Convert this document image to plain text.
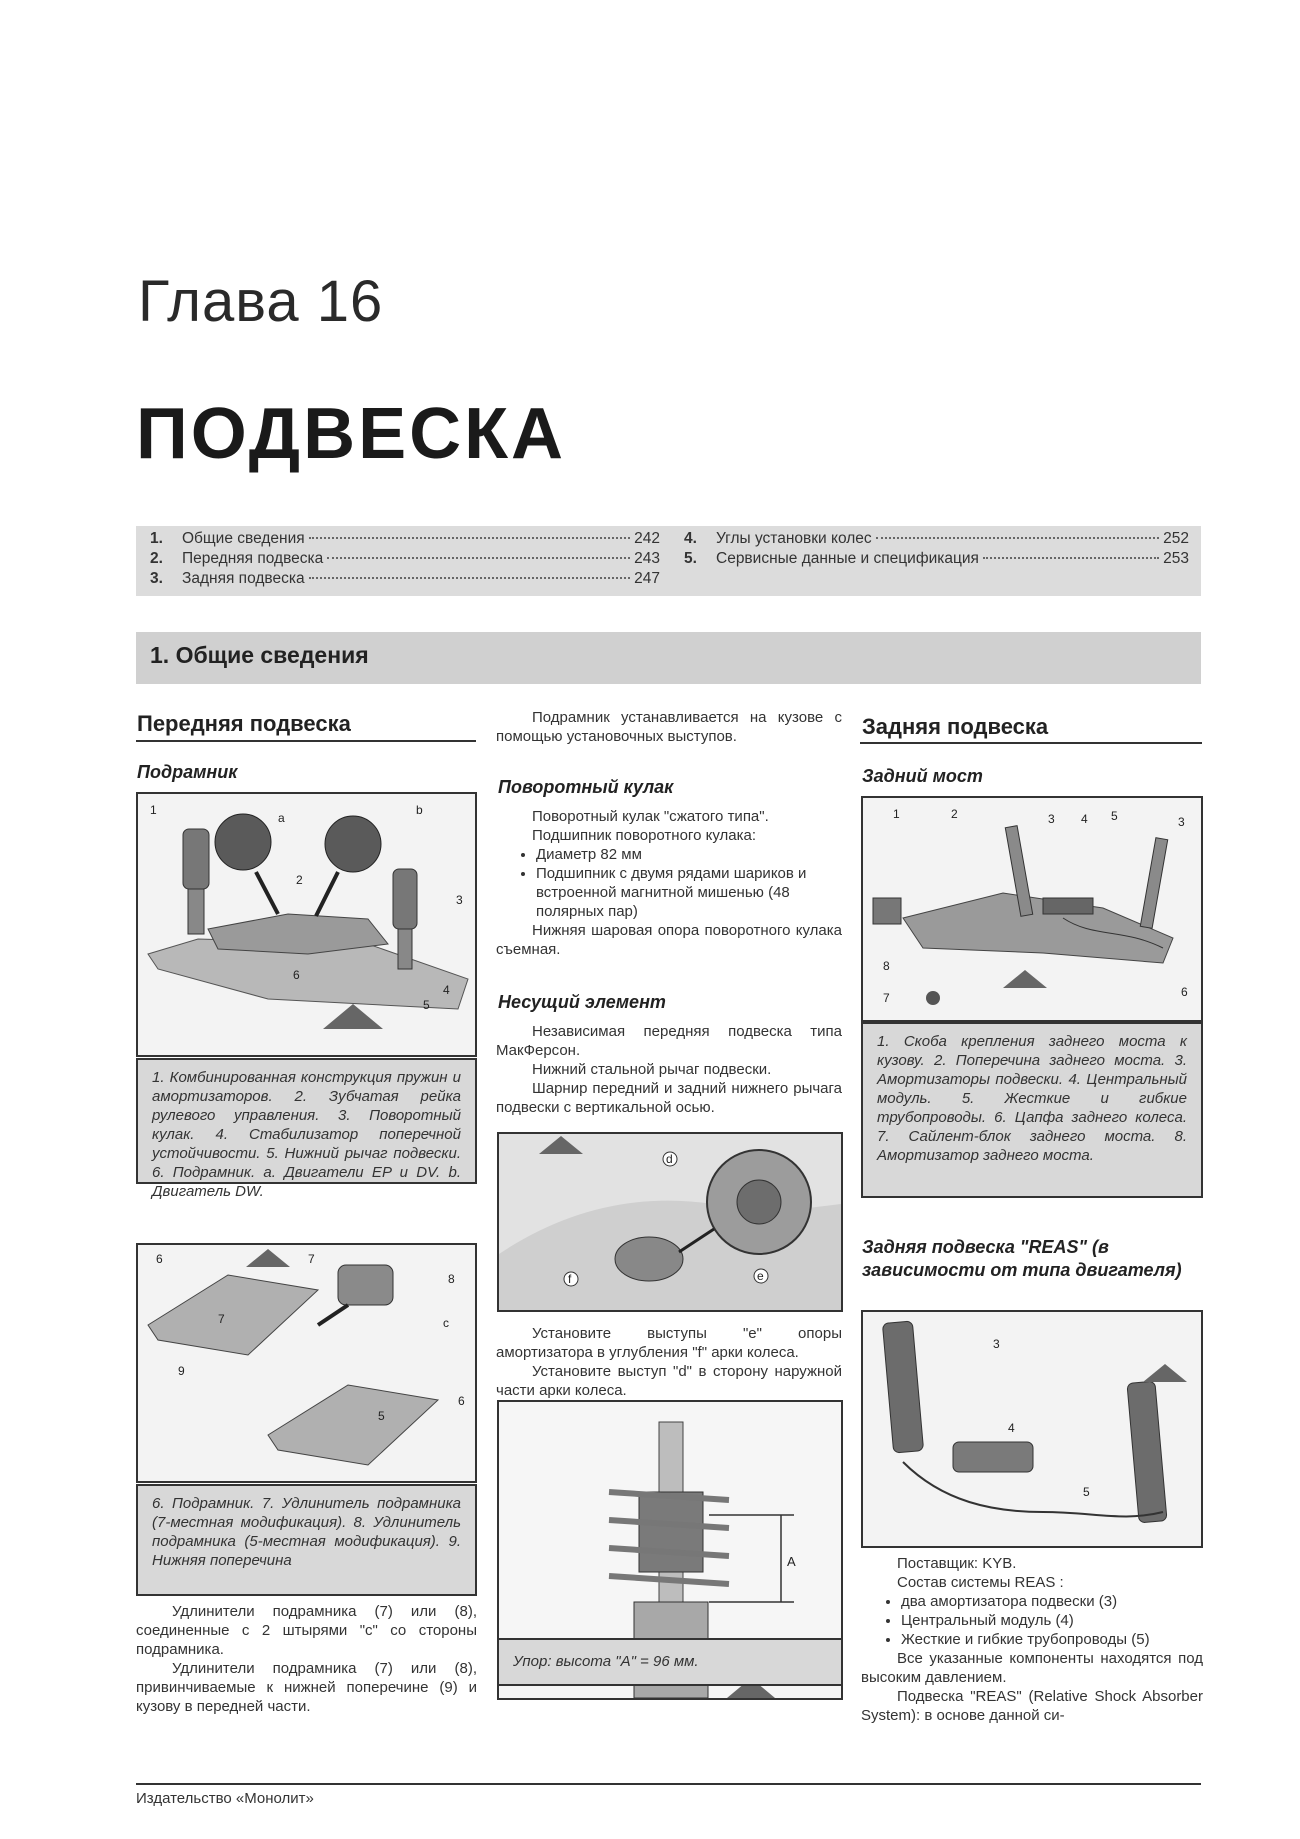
Глава 16
ПОДВЕСКА
1.	Общие сведения	242
2.	Передняя подвеска	243
3.	Задняя подвеска	247
4.	Углы установки колес	252
5.	Сервисные данные и спецификация	253
1. Общие сведения
Передняя подвеска
Подрамник
1
a
b
2
3
4
5
6
1. Комбинированная конструкция пружин и амортизаторов. 2. Зубчатая рейка рулевого управления. 3. Поворотный кулак. 4. Стабилизатор поперечной устойчивости. 5. Нижний рычаг подвески. 6. Подрамник. a. Двигатели EP и DV. b. Двигатель DW.
6	7
7
8
c
9
5
6
6. Подрамник. 7. Удлинитель подрамника (7-местная модификация). 8. Удлинитель подрамника (5-местная модификация). 9. Нижняя поперечина

Удлинители подрамника (7) или (8), соединенные с 2 штырями "c" со стороны подрамника.

Удлинители подрамника (7) или (8), привинчиваемые к нижней поперечине (9) и кузову в передней части.

Подрамник устанавливается на кузове с помощью установочных выступов.

Поворотный кулак

Поворотный кулак "сжатого типа".

Подшипник поворотного кулака:

• Диаметр 82 мм
• Подшипник с двумя рядами шариков и встроенной магнитной мишенью (48 полярных пар)

Нижняя шаровая опора поворотного кулака съемная.

Несущий элемент

Независимая передняя подвеска типа МакФерсон.

Нижний стальной рычаг подвески.

Шарнир передний и задний нижнего рычага подвески с вертикальной осью.

d
f	e

Установите выступы "e" опоры амортизатора в углубления "f" арки колеса.

Установите выступ "d" в сторону наружной части арки колеса.

A
Упор: высота "A" = 96 мм.
Задняя подвеска
Задний мост
1	2	3 4 5	3
8
7	6
1. Скоба крепления заднего моста к кузову. 2. Поперечина заднего моста. 3. Амортизаторы подвески. 4. Центральный модуль. 5. Жесткие и гибкие трубопроводы. 6. Цапфа заднего колеса. 7. Сайлент-блок заднего моста. 8. Амортизатор заднего моста.
Задняя подвеска "REAS" (в зависимости от типа двигателя)
3
4
5

Поставщик: KYB.

Состав системы REAS :

• два амортизатора подвески (3)
• Центральный модуль (4)
• Жесткие и гибкие трубопроводы (5)

Все указанные компоненты находятся под высоким давлением.

Подвеска "REAS" (Relative Shock Absorber System): в основе данной си-

Издательство «Монолит»
